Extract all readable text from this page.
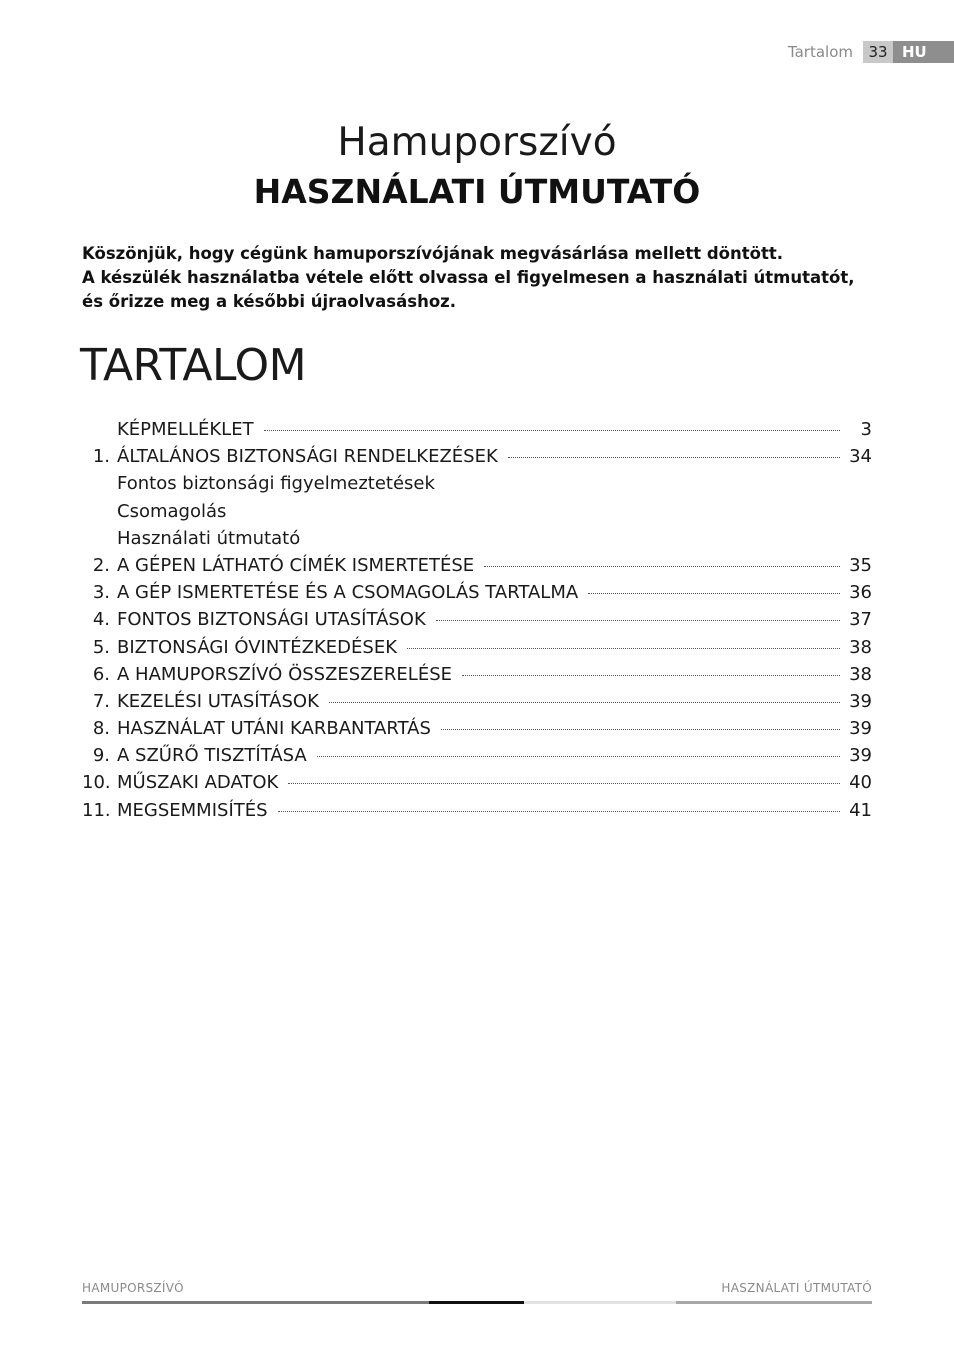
Tartalom	33 HU
Hamuporszívó
HASZNÁLATI ÚTMUTATÓ
Köszönjük, hogy cégünk hamuporszívójának megvásárlása mellett döntött.
A készülék használatba vétele előtt olvassa el figyelmesen a használati útmutatót,
és őrizze meg a későbbi újraolvasáshoz.
TARTALOM
KÉPMELLÉKLET	3
1. ÁLTALÁNOS BIZTONSÁGI RENDELKEZÉSEK	34
Fontos biztonsági figyelmeztetések
Csomagolás
Használati útmutató
2. A GÉPEN LÁTHATÓ CÍMÉK ISMERTETÉSE	35
3. A GÉP ISMERTETÉSE ÉS A CSOMAGOLÁS TARTALMA	36
4. FONTOS BIZTONSÁGI UTASÍTÁSOK	37
5. BIZTONSÁGI ÓVINTÉZKEDÉSEK	38
6. A HAMUPORSZÍVÓ ÖSSZESZERELÉSE	38
7. KEZELÉSI UTASÍTÁSOK	39
8. HASZNÁLAT UTÁNI KARBANTARTÁS	39
9. A SZŰRŐ TISZTÍTÁSA	39
10. MŰSZAKI ADATOK	40
11. MEGSEMMISÍTÉS	41
HAMUPORSZÍVÓ	HASZNÁLATI ÚTMUTATÓ
